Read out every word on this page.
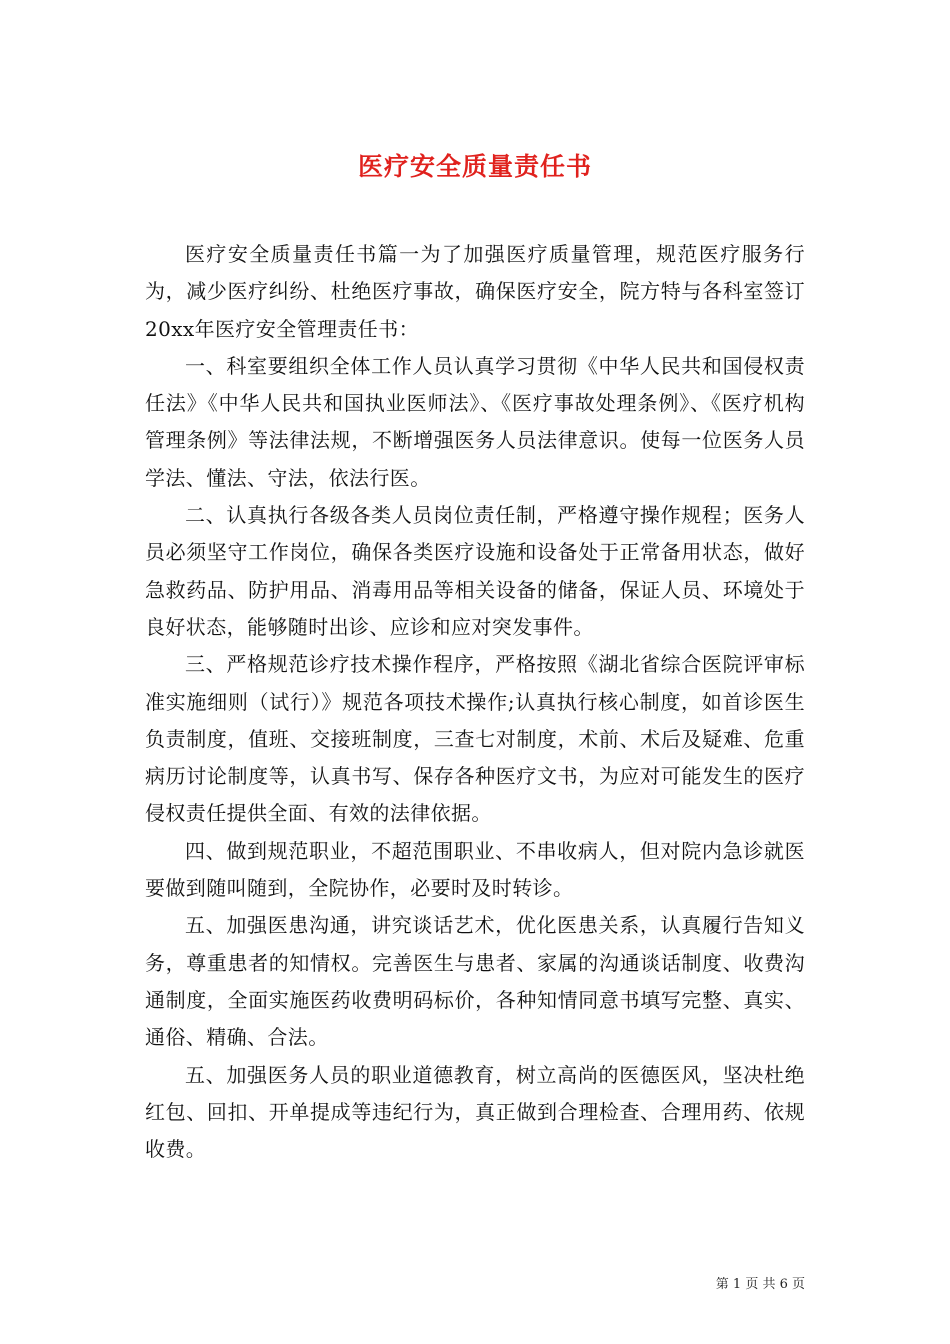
医疗安全质量责任书

医疗安全质量责任书篇一为了加强医疗质量管理，规范医疗服务行为，减少医疗纠纷、杜绝医疗事故，确保医疗安全，院方特与各科室签订20xx年医疗安全管理责任书：

一、科室要组织全体工作人员认真学习贯彻《中华人民共和国侵权责任法》《中华人民共和国执业医师法》、《医疗事故处理条例》、《医疗机构管理条例》等法律法规，不断增强医务人员法律意识。使每一位医务人员学法、懂法、守法，依法行医。

二、认真执行各级各类人员岗位责任制，严格遵守操作规程；医务人员必须坚守工作岗位，确保各类医疗设施和设备处于正常备用状态，做好急救药品、防护用品、消毒用品等相关设备的储备，保证人员、环境处于良好状态，能够随时出诊、应诊和应对突发事件。

三、严格规范诊疗技术操作程序，严格按照《湖北省综合医院评审标准实施细则（试行）》规范各项技术操作;认真执行核心制度，如首诊医生负责制度，值班、交接班制度，三查七对制度，术前、术后及疑难、危重病历讨论制度等，认真书写、保存各种医疗文书，为应对可能发生的医疗侵权责任提供全面、有效的法律依据。

四、做到规范职业，不超范围职业、不串收病人，但对院内急诊就医要做到随叫随到，全院协作，必要时及时转诊。

五、加强医患沟通，讲究谈话艺术，优化医患关系，认真履行告知义务，尊重患者的知情权。完善医生与患者、家属的沟通谈话制度、收费沟通制度，全面实施医药收费明码标价，各种知情同意书填写完整、真实、通俗、精确、合法。

五、加强医务人员的职业道德教育，树立高尚的医德医风，坚决杜绝红包、回扣、开单提成等违纪行为，真正做到合理检查、合理用药、依规收费。

第 1 页 共 6 页
